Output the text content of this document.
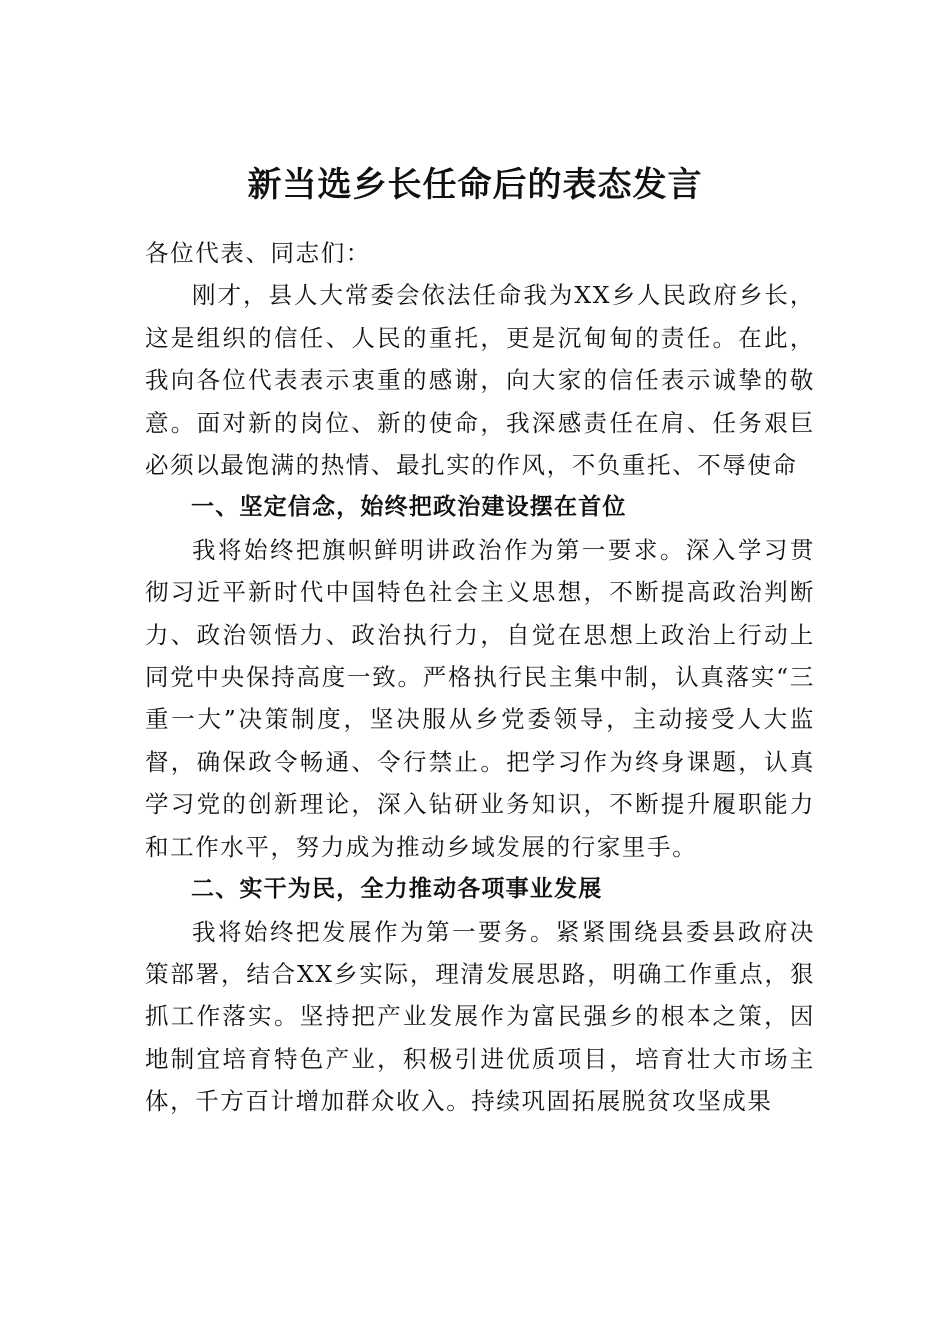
新当选乡长任命后的表态发言

各位代表、同志们：

刚才，县人大常委会依法任命我为XX乡人民政府乡长，这是组织的信任、人民的重托，更是沉甸甸的责任。在此，我向各位代表表示衷重的感谢，向大家的信任表示诚挚的敬意。面对新的岗位、新的使命，我深感责任在肩、任务艰巨必须以最饱满的热情、最扎实的作风，不负重托、不辱使命

一、坚定信念，始终把政治建设摆在首位

我将始终把旗帜鲜明讲政治作为第一要求。深入学习贯彻习近平新时代中国特色社会主义思想，不断提高政治判断力、政治领悟力、政治执行力，自觉在思想上政治上行动上同党中央保持高度一致。严格执行民主集中制，认真落实“三重一大”决策制度，坚决服从乡党委领导，主动接受人大监督，确保政令畅通、令行禁止。把学习作为终身课题，认真学习党的创新理论，深入钻研业务知识，不断提升履职能力和工作水平，努力成为推动乡域发展的行家里手。

二、实干为民，全力推动各项事业发展

我将始终把发展作为第一要务。紧紧围绕县委县政府决策部署，结合XX乡实际，理清发展思路，明确工作重点，狠抓工作落实。坚持把产业发展作为富民强乡的根本之策，因地制宜培育特色产业，积极引进优质项目，培育壮大市场主体，千方百计增加群众收入。持续巩固拓展脱贫攻坚成果
